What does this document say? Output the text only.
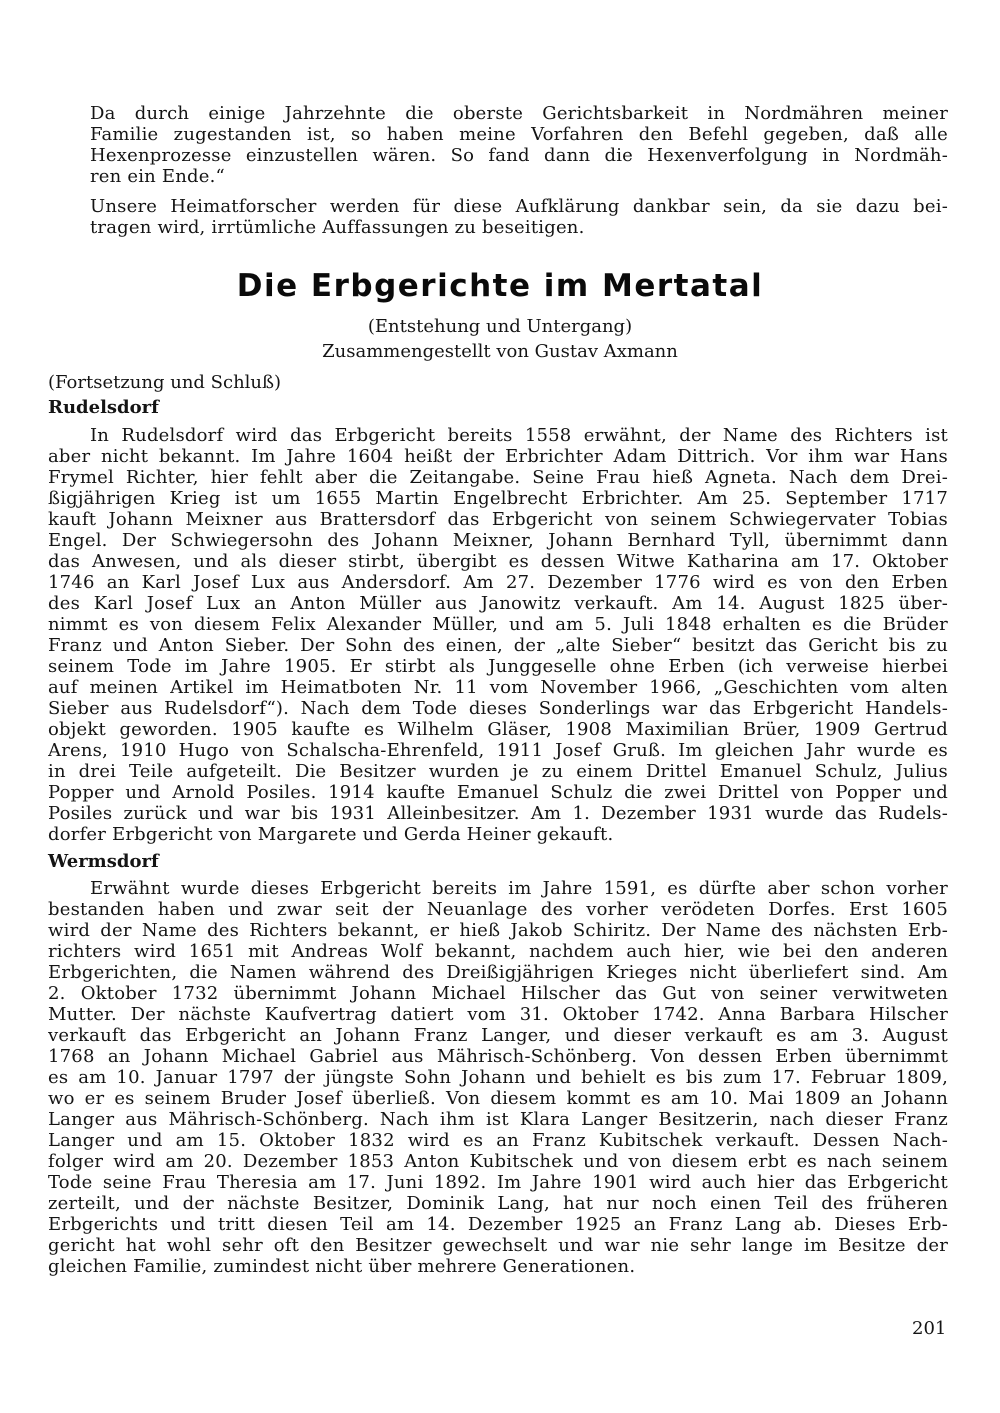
Da durch einige Jahrzehnte die oberste Gerichtsbarkeit in Nordmähren meiner
Familie zugestanden ist, so haben meine Vorfahren den Befehl gegeben, daß alle
Hexenprozesse einzustellen wären. So fand dann die Hexenverfolgung in Nordmäh-
ren ein Ende.“
Unsere Heimatforscher werden für diese Aufklärung dankbar sein, da sie dazu bei-
tragen wird, irrtümliche Auffassungen zu beseitigen.
Die Erbgerichte im Mertatal
(Entstehung und Untergang)
Zusammengestellt von Gustav Axmann
(Fortsetzung und Schluß)
Rudelsdorf
In Rudelsdorf wird das Erbgericht bereits 1558 erwähnt, der Name des Richters ist
aber nicht bekannt. Im Jahre 1604 heißt der Erbrichter Adam Dittrich. Vor ihm war Hans
Frymel Richter, hier fehlt aber die Zeitangabe. Seine Frau hieß Agneta. Nach dem Drei-
ßigjährigen Krieg ist um 1655 Martin Engelbrecht Erbrichter. Am 25. September 1717
kauft Johann Meixner aus Brattersdorf das Erbgericht von seinem Schwiegervater Tobias
Engel. Der Schwiegersohn des Johann Meixner, Johann Bernhard Tyll, übernimmt dann
das Anwesen, und als dieser stirbt, übergibt es dessen Witwe Katharina am 17. Oktober
1746 an Karl Josef Lux aus Andersdorf. Am 27. Dezember 1776 wird es von den Erben
des Karl Josef Lux an Anton Müller aus Janowitz verkauft. Am 14. August 1825 über-
nimmt es von diesem Felix Alexander Müller, und am 5. Juli 1848 erhalten es die Brüder
Franz und Anton Sieber. Der Sohn des einen, der „alte Sieber“ besitzt das Gericht bis zu
seinem Tode im Jahre 1905. Er stirbt als Junggeselle ohne Erben (ich verweise hierbei
auf meinen Artikel im Heimatboten Nr. 11 vom November 1966, „Geschichten vom alten
Sieber aus Rudelsdorf“). Nach dem Tode dieses Sonderlings war das Erbgericht Handels-
objekt geworden. 1905 kaufte es Wilhelm Gläser, 1908 Maximilian Brüer, 1909 Gertrud
Arens, 1910 Hugo von Schalscha-Ehrenfeld, 1911 Josef Gruß. Im gleichen Jahr wurde es
in drei Teile aufgeteilt. Die Besitzer wurden je zu einem Drittel Emanuel Schulz, Julius
Popper und Arnold Posiles. 1914 kaufte Emanuel Schulz die zwei Drittel von Popper und
Posiles zurück und war bis 1931 Alleinbesitzer. Am 1. Dezember 1931 wurde das Rudels-
dorfer Erbgericht von Margarete und Gerda Heiner gekauft.
Wermsdorf
Erwähnt wurde dieses Erbgericht bereits im Jahre 1591, es dürfte aber schon vorher
bestanden haben und zwar seit der Neuanlage des vorher verödeten Dorfes. Erst 1605
wird der Name des Richters bekannt, er hieß Jakob Schiritz. Der Name des nächsten Erb-
richters wird 1651 mit Andreas Wolf bekannt, nachdem auch hier, wie bei den anderen
Erbgerichten, die Namen während des Dreißigjährigen Krieges nicht überliefert sind. Am
2. Oktober 1732 übernimmt Johann Michael Hilscher das Gut von seiner verwitweten
Mutter. Der nächste Kaufvertrag datiert vom 31. Oktober 1742. Anna Barbara Hilscher
verkauft das Erbgericht an Johann Franz Langer, und dieser verkauft es am 3. August
1768 an Johann Michael Gabriel aus Mährisch-Schönberg. Von dessen Erben übernimmt
es am 10. Januar 1797 der jüngste Sohn Johann und behielt es bis zum 17. Februar 1809,
wo er es seinem Bruder Josef überließ. Von diesem kommt es am 10. Mai 1809 an Johann
Langer aus Mährisch-Schönberg. Nach ihm ist Klara Langer Besitzerin, nach dieser Franz
Langer und am 15. Oktober 1832 wird es an Franz Kubitschek verkauft. Dessen Nach-
folger wird am 20. Dezember 1853 Anton Kubitschek und von diesem erbt es nach seinem
Tode seine Frau Theresia am 17. Juni 1892. Im Jahre 1901 wird auch hier das Erbgericht
zerteilt, und der nächste Besitzer, Dominik Lang, hat nur noch einen Teil des früheren
Erbgerichts und tritt diesen Teil am 14. Dezember 1925 an Franz Lang ab. Dieses Erb-
gericht hat wohl sehr oft den Besitzer gewechselt und war nie sehr lange im Besitze der
gleichen Familie, zumindest nicht über mehrere Generationen.
201
